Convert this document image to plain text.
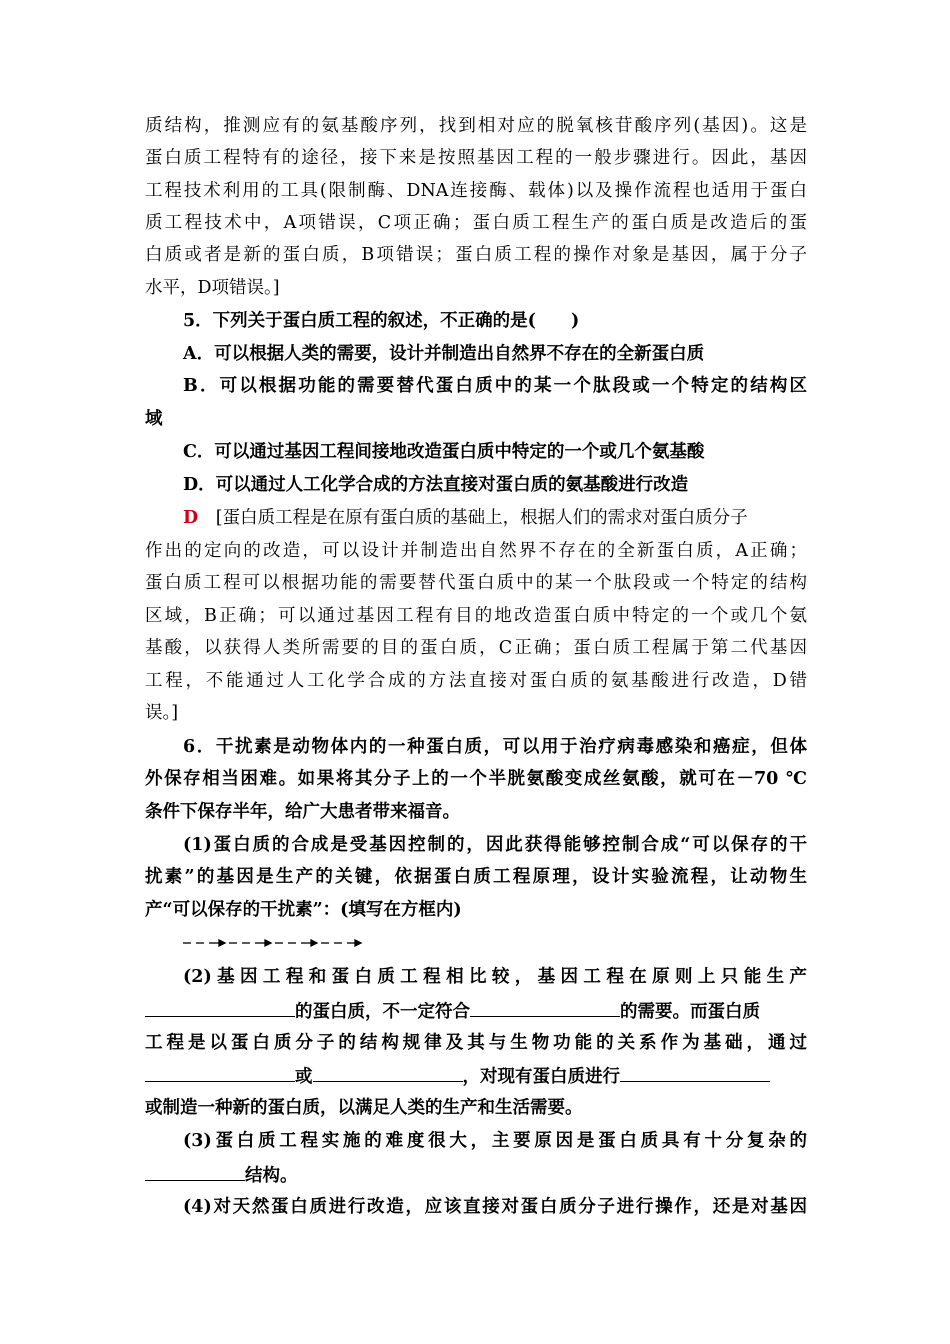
质结构，推测应有的氨基酸序列，找到相对应的脱氧核苷酸序列(基因)。这是
蛋白质工程特有的途径，接下来是按照基因工程的一般步骤进行。因此，基因
工程技术利用的工具(限制酶、DNA连接酶、载体)以及操作流程也适用于蛋白
质工程技术中，A项错误，C项正确；蛋白质工程生产的蛋白质是改造后的蛋
白质或者是新的蛋白质，B项错误；蛋白质工程的操作对象是基因，属于分子
水平，D项错误。]
5．下列关于蛋白质工程的叙述，不正确的是(　　)
A．可以根据人类的需要，设计并制造出自然界不存在的全新蛋白质
B．可以根据功能的需要替代蛋白质中的某一个肽段或一个特定的结构区
域
C．可以通过基因工程间接地改造蛋白质中特定的一个或几个氨基酸
D．可以通过人工化学合成的方法直接对蛋白质的氨基酸进行改造
D [蛋白质工程是在原有蛋白质的基础上，根据人们的需求对蛋白质分子
作出的定向的改造，可以设计并制造出自然界不存在的全新蛋白质，A正确；
蛋白质工程可以根据功能的需要替代蛋白质中的某一个肽段或一个特定的结构
区域，B正确；可以通过基因工程有目的地改造蛋白质中特定的一个或几个氨
基酸，以获得人类所需要的目的蛋白质，C正确；蛋白质工程属于第二代基因
工程，不能通过人工化学合成的方法直接对蛋白质的氨基酸进行改造，D错
误。]
6．干扰素是动物体内的一种蛋白质，可以用于治疗病毒感染和癌症，但体
外保存相当困难。如果将其分子上的一个半胱氨酸变成丝氨酸，就可在－70 ℃
条件下保存半年，给广大患者带来福音。
(1)蛋白质的合成是受基因控制的，因此获得能够控制合成“可以保存的干
扰素”的基因是生产的关键，依据蛋白质工程原理，设计实验流程，让动物生
产“可以保存的干扰素”：(填写在方框内)
(2)基因工程和蛋白质工程相比较，基因工程在原则上只能生产
的蛋白质，不一定符合	的需要。而蛋白质
工程是以蛋白质分子的结构规律及其与生物功能的关系作为基础，通过
或	，对现有蛋白质进行
或制造一种新的蛋白质，以满足人类的生产和生活需要。
(3)蛋白质工程实施的难度很大，主要原因是蛋白质具有十分复杂的
结构。
(4)对天然蛋白质进行改造，应该直接对蛋白质分子进行操作，还是对基因
